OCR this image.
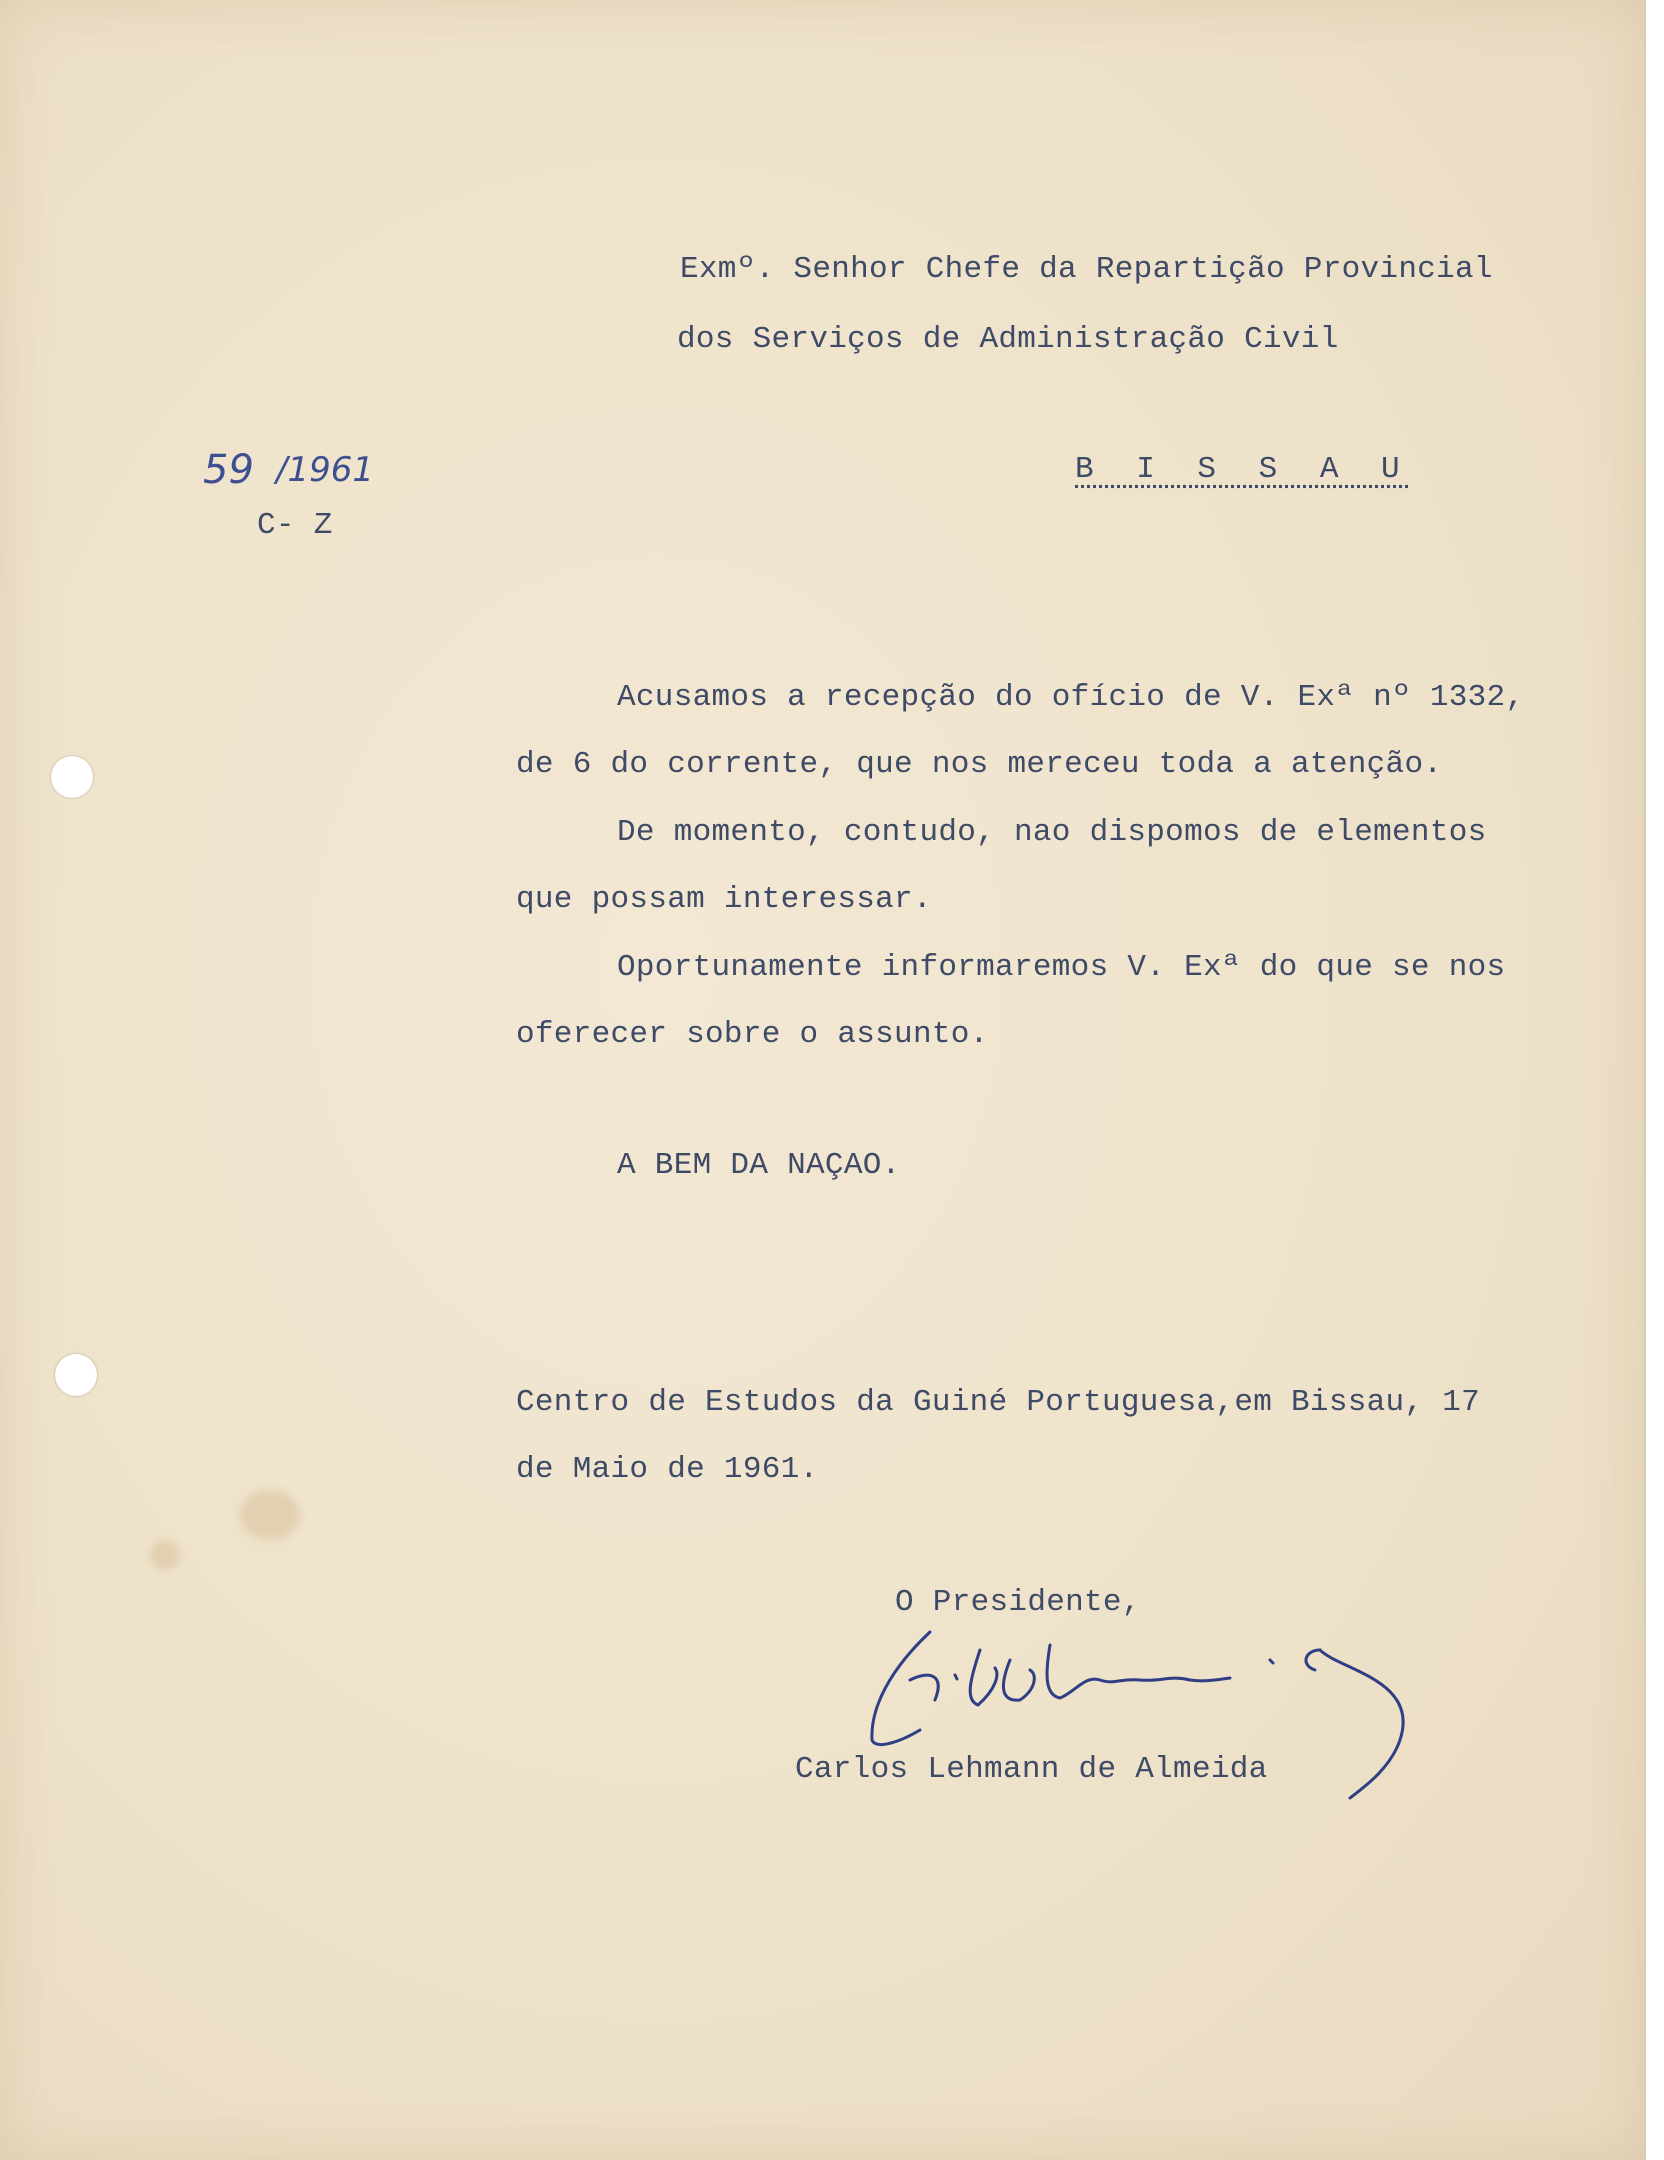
Exmº. Senhor Chefe da Repartição Provincial
dos Serviços de Administração Civil
B I S S A U
59 /1961
C- Z
Acusamos a recepção do ofício de V. Exª nº 1332,
de 6 do corrente, que nos mereceu toda a atenção.
De momento, contudo, nao dispomos de elementos
que possam interessar.
Oportunamente informaremos V. Exª do que se nos
oferecer sobre o assunto.
A BEM DA NAÇAO.
Centro de Estudos da Guiné Portuguesa,em Bissau, 17
de Maio de 1961.
O Presidente,
Carlos Lehmann de Almeida
